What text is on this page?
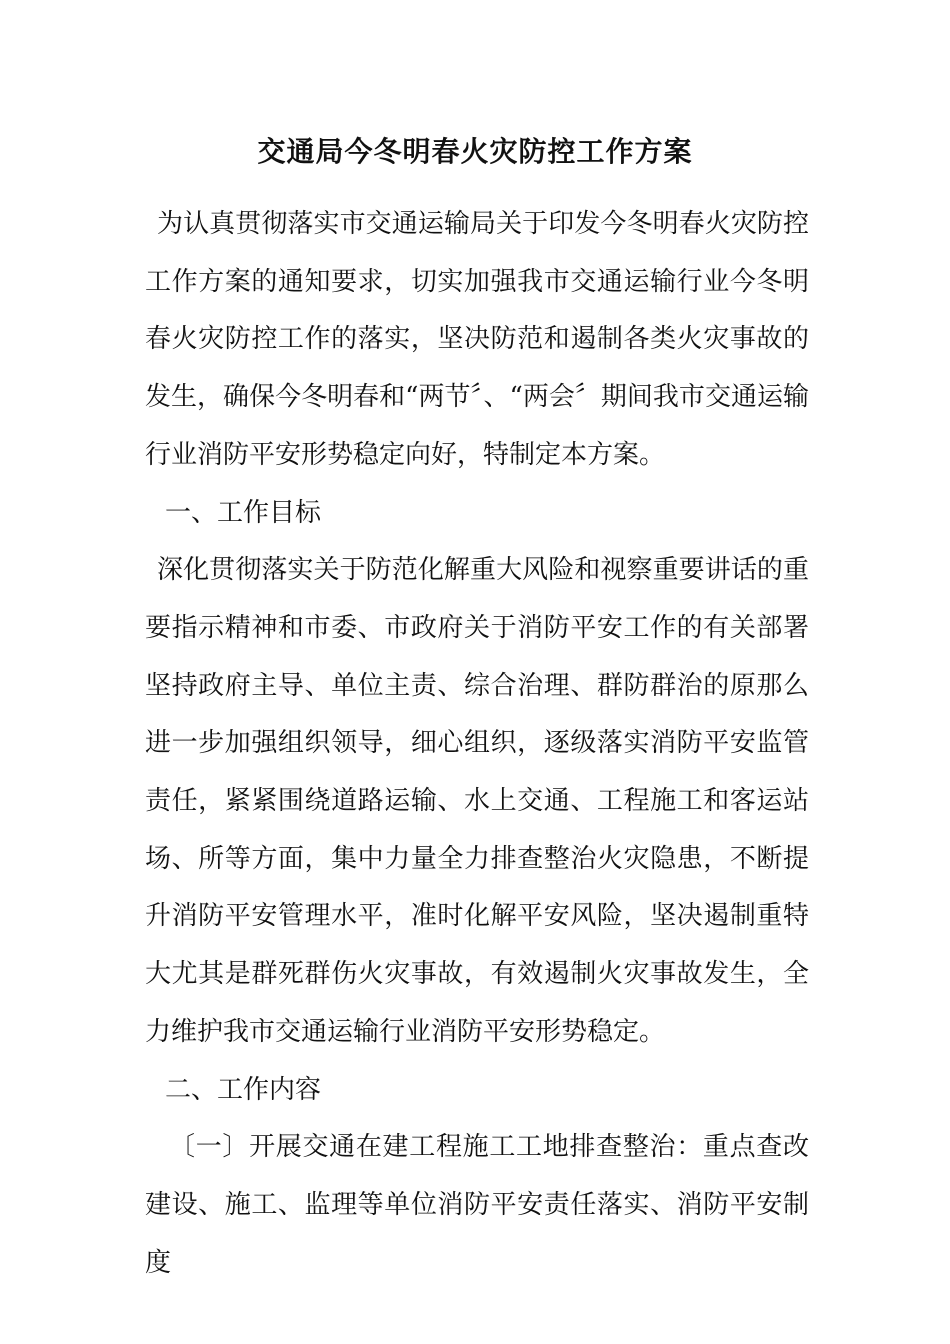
交通局今冬明春火灾防控工作方案

为认真贯彻落实市交通运输局关于印发今冬明春火灾防控工作方案的通知要求，切实加强我市交通运输行业今冬明春火灾防控工作的落实，坚决防范和遏制各类火灾事故的发生，确保今冬明春和“两节〞、“两会〞期间我市交通运输行业消防平安形势稳定向好，特制定本方案。

一、工作目标

深化贯彻落实关于防范化解重大风险和视察重要讲话的重要指示精神和市委、市政府关于消防平安工作的有关部署坚持政府主导、单位主责、综合治理、群防群治的原那么进一步加强组织领导，细心组织，逐级落实消防平安监管责任，紧紧围绕道路运输、水上交通、工程施工和客运站场、所等方面，集中力量全力排查整治火灾隐患，不断提升消防平安管理水平，准时化解平安风险，坚决遏制重特大尤其是群死群伤火灾事故，有效遏制火灾事故发生，全力维护我市交通运输行业消防平安形势稳定。

二、工作内容

〔一〕开展交通在建工程施工工地排查整治：重点查改建设、施工、监理等单位消防平安责任落实、消防平安制度
